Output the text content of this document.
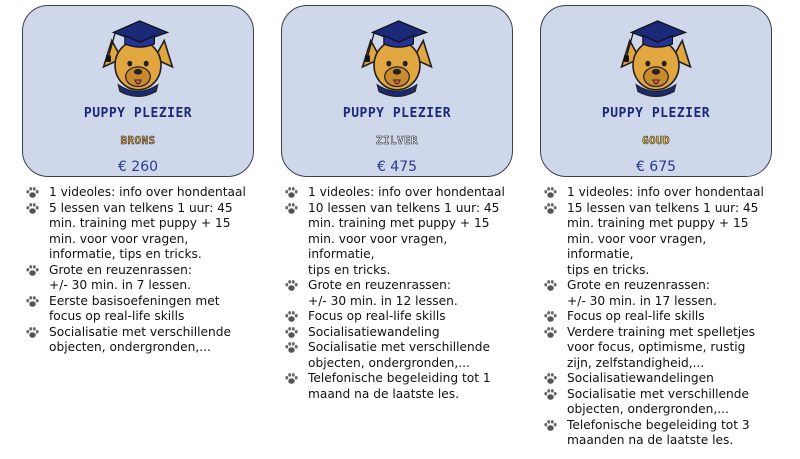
PUPPY PLEZIER
BRONS
€ 260
1 videoles: info over hondentaal
5 lessen van telkens 1 uur: 45
min. training met puppy + 15
min. voor voor vragen,
informatie, tips en tricks.
Grote en reuzenrassen:
+/- 30 min. in 7 lessen.
Eerste basisoefeningen met
focus op real-life skills
Socialisatie met verschillende
objecten, ondergronden,...
PUPPY PLEZIER
ZILVER
€ 475
1 videoles: info over hondentaal
10 lessen van telkens 1 uur: 45
min. training met puppy + 15
min. voor voor vragen, informatie,
tips en tricks.
Grote en reuzenrassen:
+/- 30 min. in 12 lessen.
Focus op real-life skills
Socialisatiewandeling
Socialisatie met verschillende
objecten, ondergronden,...
Telefonische begeleiding tot 1
maand na de laatste les.
PUPPY PLEZIER
GOUD
€ 675
1 videoles: info over hondentaal
15 lessen van telkens 1 uur: 45
min. training met puppy + 15
min. voor voor vragen, informatie,
tips en tricks.
Grote en reuzenrassen:
+/- 30 min. in 17 lessen.
Focus op real-life skills
Verdere training met spelletjes
voor focus, optimisme, rustig
zijn, zelfstandigheid,...
Socialisatiewandelingen
Socialisatie met verschillende
objecten, ondergronden,...
Telefonische begeleiding tot 3
maanden na de laatste les.
